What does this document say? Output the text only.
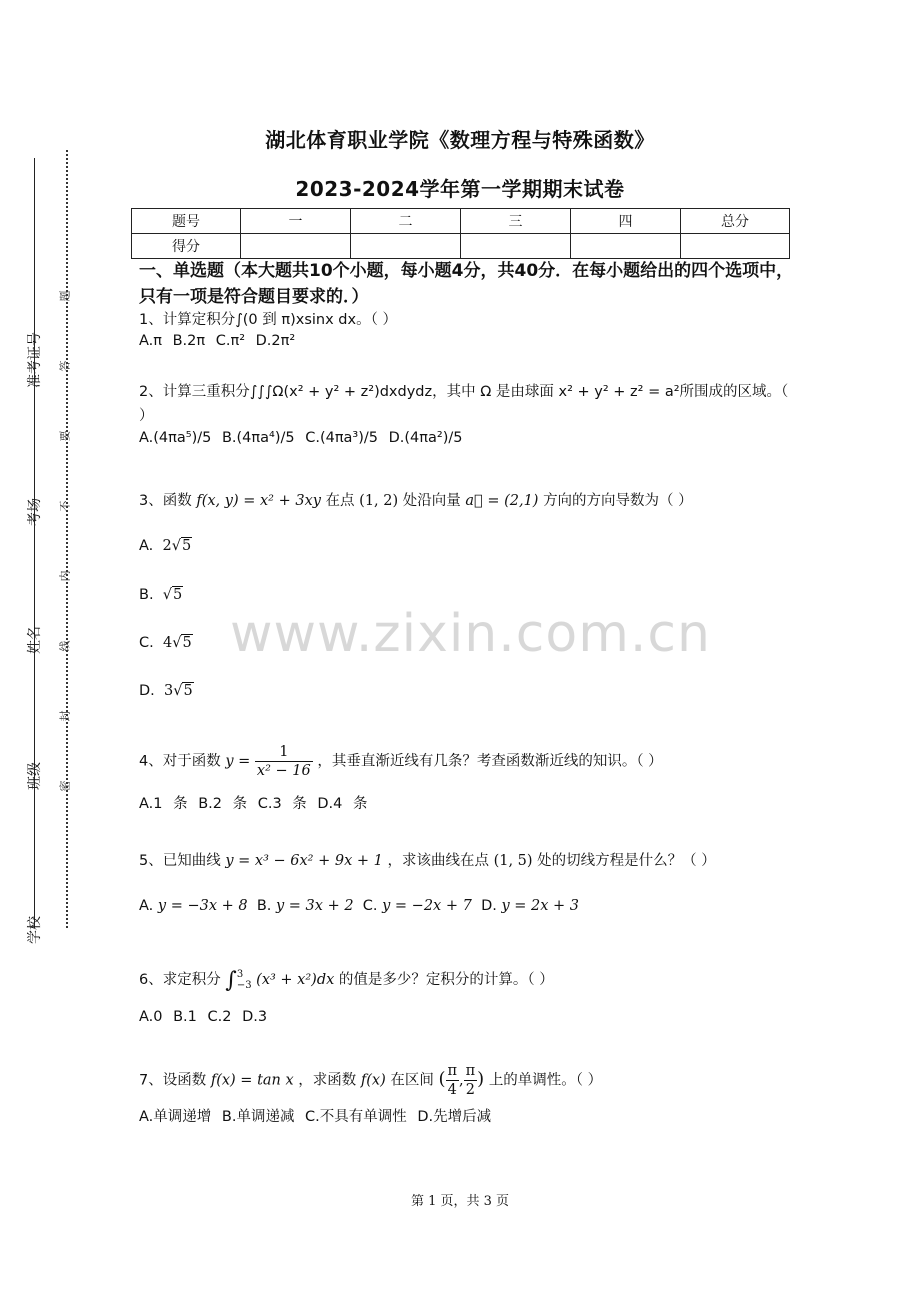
准考证号
考场
姓名
班级
学校
题
答
要
不
内
线
封
密
湖北体育职业学院《数理方程与特殊函数》
2023-2024学年第一学期期末试卷
题号	一	二	三	四	总分
得分					
一、单选题（本大题共10个小题，每小题4分，共40分．在每小题给出的四个选项中，只有一项是符合题目要求的．）
1、计算定积分∫(0 到 π)xsinx dx。（ ）
A.π B.2π C.π² D.2π²
2、计算三重积分∫∫∫Ω(x² + y² + z²)dxdydz，其中 Ω 是由球面 x² + y² + z² = a²所围成的区域。（ ）
A.(4πa⁵)/5 B.(4πa⁴)/5 C.(4πa³)/5 D.(4πa²)/5
3、函数 f(x, y) = x² + 3xy 在点 (1, 2) 处沿向量 a⃗ = (2,1) 方向的方向导数为（ ）
A. 2√5
B. √5
C. 4√5
D. 3√5
www.zixin.com.cn
4、对于函数 $y = \frac{1}{\text{x² − 16}}$ ，其垂直渐近线有几条？考查函数渐近线的知识。（ ）
A.1 条 B.2 条 C.3 条 D.4 条
5、已知曲线 y = x³ − 6x² + 9x + 1 ，求该曲线在点 (1, 5) 处的切线方程是什么？（ ）
A. y = −3x + 8 B. y = 3x + 2 C. y = −2x + 7 D. y = 2x + 3
6、求定积分 ∫ 3
−3 (x³ + x²)dx 的值是多少？定积分的计算。（ ）
A.0 B.1 C.2 D.3
7、设函数 f(x) = tan x ，求函数 f(x) 在区间 ( $\frac{\pi}{4}$ , $\frac{\pi}{2}$ ) 上的单调性。（ ）
A.单调递增 B.单调递减 C.不具有单调性 D.先增后减
第 1 页，共 3 页
